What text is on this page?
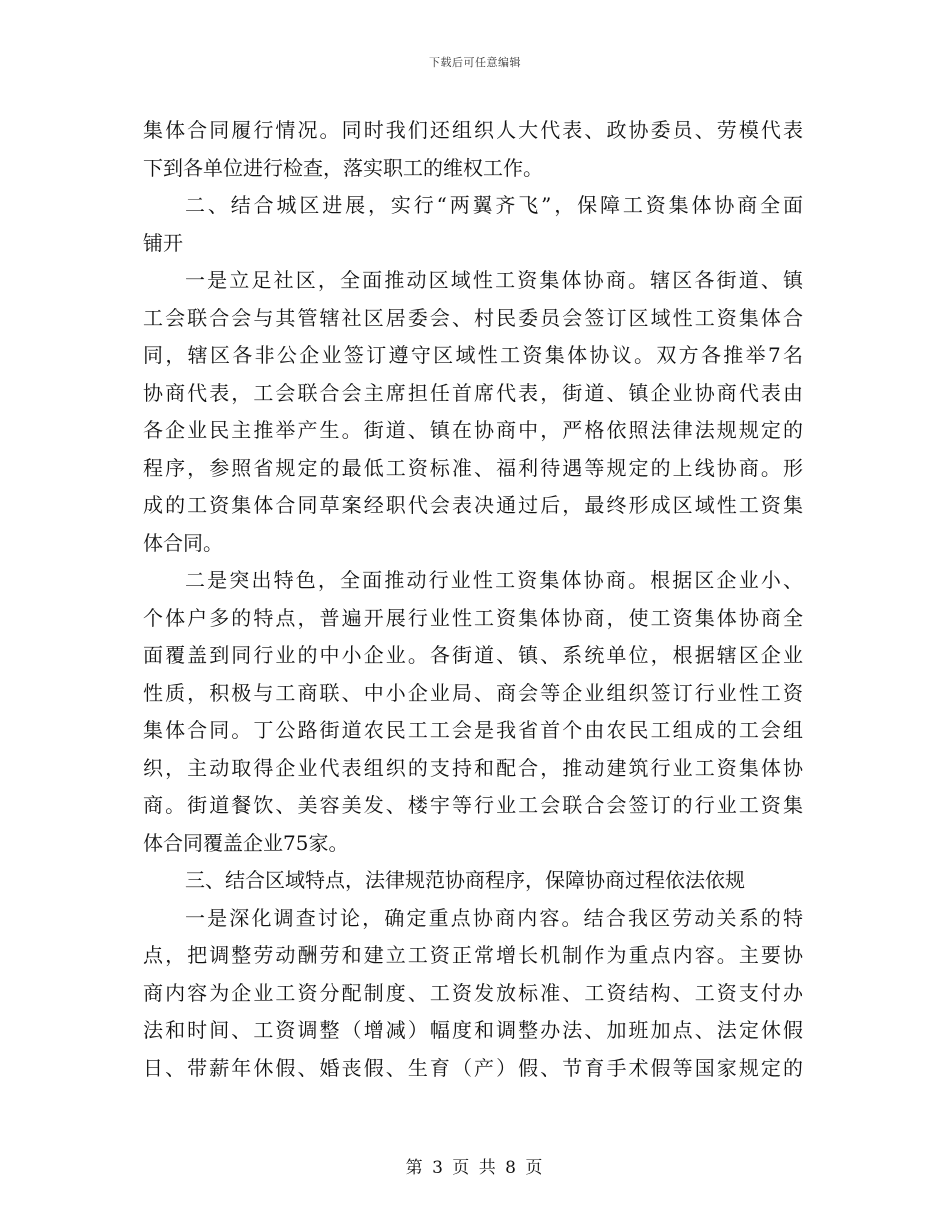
下载后可任意编辑
集体合同履行情况。同时我们还组织人大代表、政协委员、劳模代表
下到各单位进行检查，落实职工的维权工作。
二、结合城区进展，实行“两翼齐飞”，保障工资集体协商全面
铺开
一是立足社区，全面推动区域性工资集体协商。辖区各街道、镇
工会联合会与其管辖社区居委会、村民委员会签订区域性工资集体合
同，辖区各非公企业签订遵守区域性工资集体协议。双方各推举7名
协商代表，工会联合会主席担任首席代表，街道、镇企业协商代表由
各企业民主推举产生。街道、镇在协商中，严格依照法律法规规定的
程序，参照省规定的最低工资标准、福利待遇等规定的上线协商。形
成的工资集体合同草案经职代会表决通过后，最终形成区域性工资集
体合同。
二是突出特色，全面推动行业性工资集体协商。根据区企业小、
个体户多的特点，普遍开展行业性工资集体协商，使工资集体协商全
面覆盖到同行业的中小企业。各街道、镇、系统单位，根据辖区企业
性质，积极与工商联、中小企业局、商会等企业组织签订行业性工资
集体合同。丁公路街道农民工工会是我省首个由农民工组成的工会组
织，主动取得企业代表组织的支持和配合，推动建筑行业工资集体协
商。街道餐饮、美容美发、楼宇等行业工会联合会签订的行业工资集
体合同覆盖企业75家。
三、结合区域特点，法律规范协商程序，保障协商过程依法依规
一是深化调查讨论，确定重点协商内容。结合我区劳动关系的特
点，把调整劳动酬劳和建立工资正常增长机制作为重点内容。主要协
商内容为企业工资分配制度、工资发放标准、工资结构、工资支付办
法和时间、工资调整（增减）幅度和调整办法、加班加点、法定休假
日、带薪年休假、婚丧假、生育（产）假、节育手术假等国家规定的
第 3 页 共 8 页
